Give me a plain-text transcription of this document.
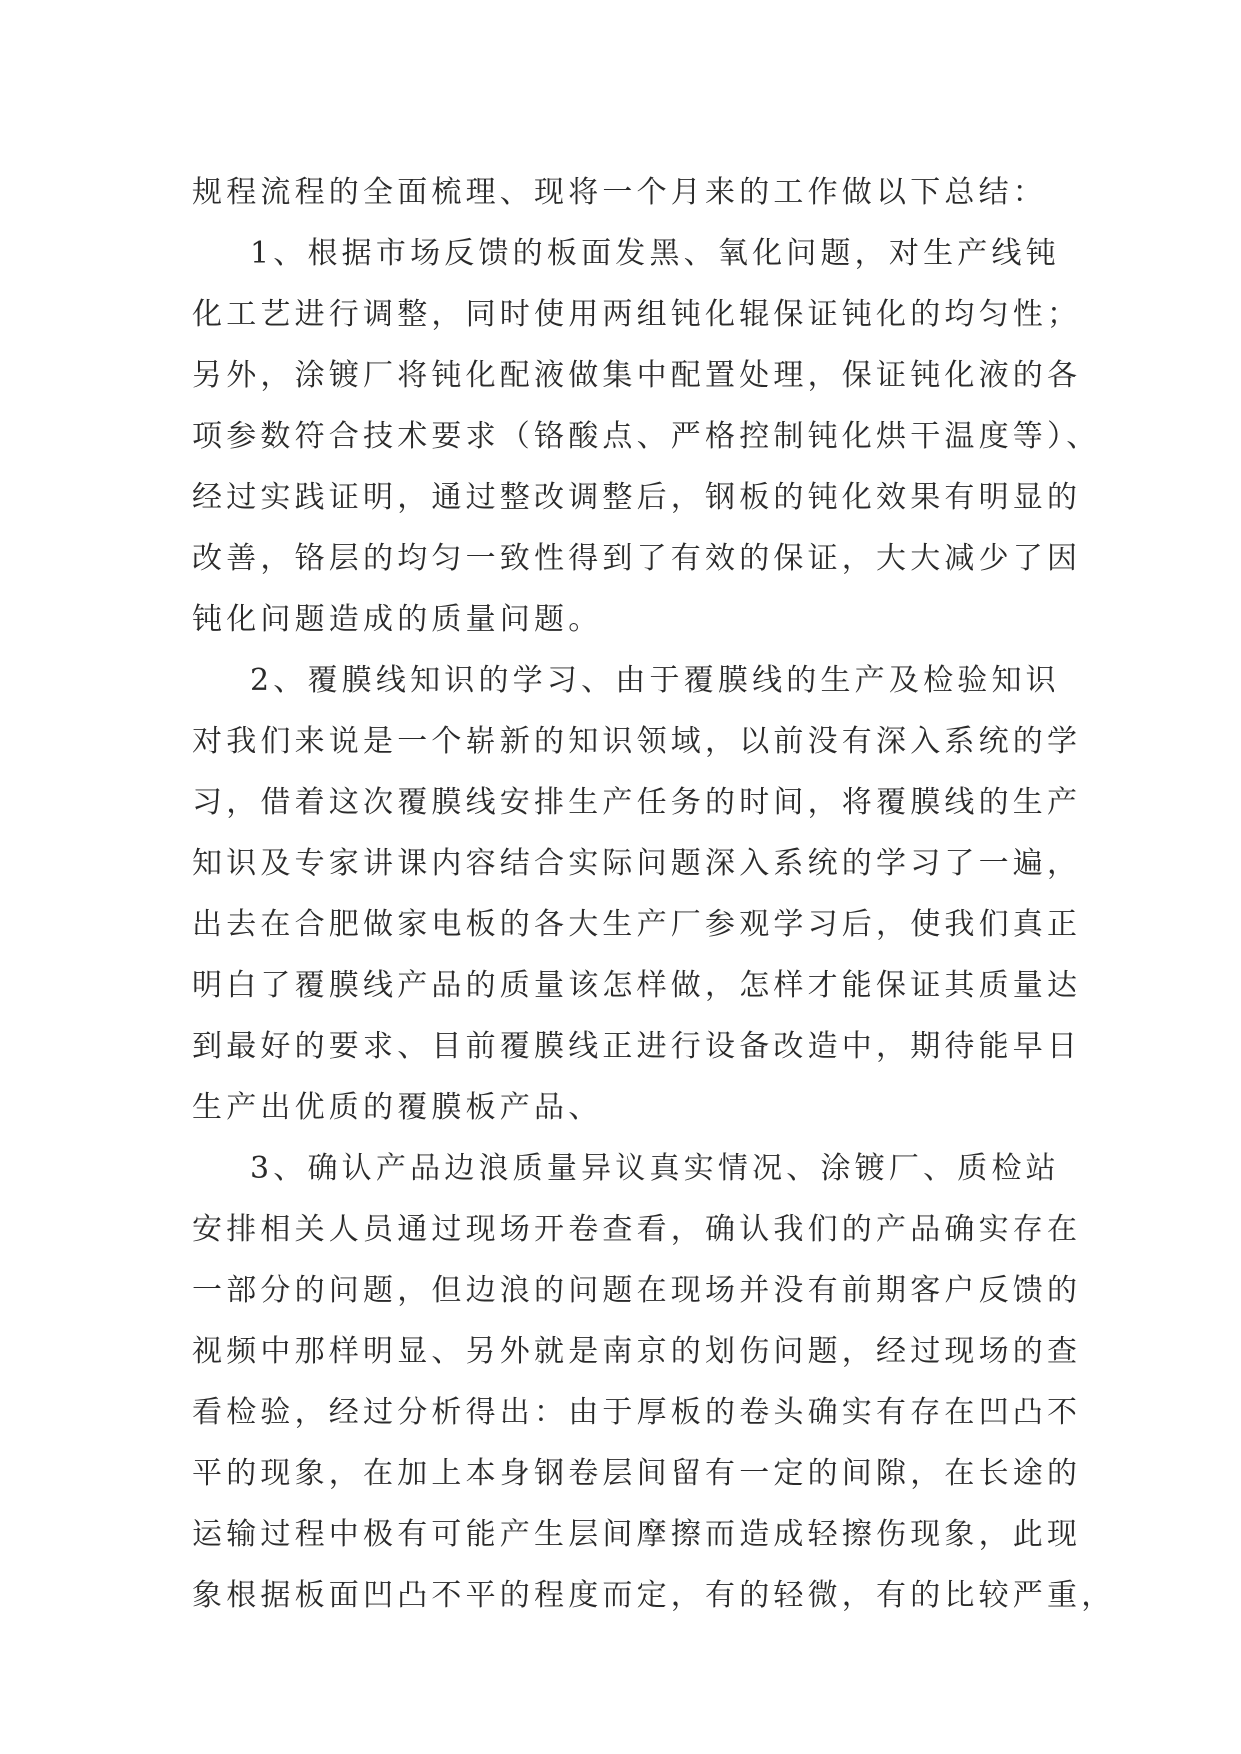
规程流程的全面梳理、现将一个月来的工作做以下总结：
1、根据市场反馈的板面发黑、氧化问题，对生产线钝
化工艺进行调整，同时使用两组钝化辊保证钝化的均匀性；
另外，涂镀厂将钝化配液做集中配置处理，保证钝化液的各
项参数符合技术要求（铬酸点、严格控制钝化烘干温度等）、
经过实践证明，通过整改调整后，钢板的钝化效果有明显的
改善，铬层的均匀一致性得到了有效的保证，大大减少了因
钝化问题造成的质量问题。
2、覆膜线知识的学习、由于覆膜线的生产及检验知识
对我们来说是一个崭新的知识领域，以前没有深入系统的学
习，借着这次覆膜线安排生产任务的时间，将覆膜线的生产
知识及专家讲课内容结合实际问题深入系统的学习了一遍，
出去在合肥做家电板的各大生产厂参观学习后，使我们真正
明白了覆膜线产品的质量该怎样做，怎样才能保证其质量达
到最好的要求、目前覆膜线正进行设备改造中，期待能早日
生产出优质的覆膜板产品、
3、确认产品边浪质量异议真实情况、涂镀厂、质检站
安排相关人员通过现场开卷查看，确认我们的产品确实存在
一部分的问题，但边浪的问题在现场并没有前期客户反馈的
视频中那样明显、另外就是南京的划伤问题，经过现场的查
看检验，经过分析得出：由于厚板的卷头确实有存在凹凸不
平的现象，在加上本身钢卷层间留有一定的间隙，在长途的
运输过程中极有可能产生层间摩擦而造成轻擦伤现象，此现
象根据板面凹凸不平的程度而定，有的轻微，有的比较严重，
